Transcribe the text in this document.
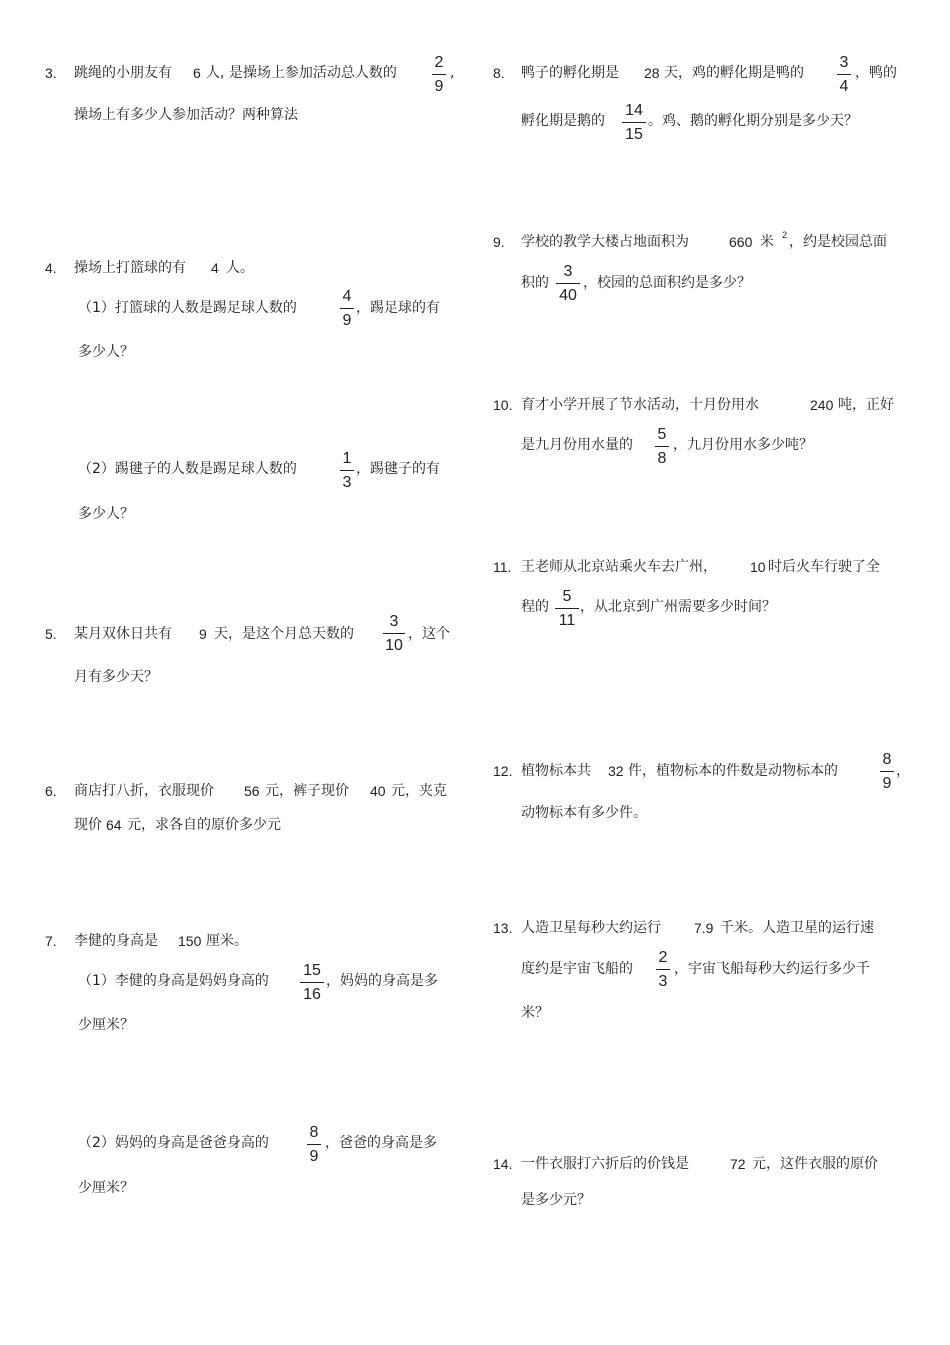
3. 跳绳的小朋友有 6 人, 是操场上参加活动总人数的
2
9
,
操场上有多少人参加活动？两种算法
4. 操场上打篮球的有 4 人。
（1）打篮球的人数是踢足球人数的
4
9
，踢足球的有
多少人？
（2）踢毽子的人数是踢足球人数的
1
3
，踢毽子的有
多少人？
5. 某月双休日共有 9 天，是这个月总天数的
3
10
，这个
月有多少天？
6. 商店打八折，衣服现价 56 元，裤子现价 40 元，夹克
现价 64 元，求各自的原价多少元
7. 李健的身高是 150 厘米。
（1）李健的身高是妈妈身高的
15
16
，妈妈的身高是多
少厘米？
（2）妈妈的身高是爸爸身高的
8
9
，爸爸的身高是多
少厘米？
8. 鸭子的孵化期是 28 天，鸡的孵化期是鸭的
3
4
，鸭的
孵化期是鹅的
14
15
。鸡、鹅的孵化期分别是多少天？
9. 学校的教学大楼占地面积为	660 米 2 ，约是校园总面
积的
3
40
，校园的总面积约是多少？
10. 育才小学开展了节水活动，十月份用水	240 吨，正好
是九月份用水量的
5
8
，九月份用水多少吨？
11. 王老师从北京站乘火车去广州， 10 时后火车行驶了全
程的
5
11
，从北京到广州需要多少时间？
12. 植物标本共 32 件，植物标本的件数是动物标本的
8
9
，
动物标本有多少件。
13. 人造卫星每秒大约运行 7.9 千米。人造卫星的运行速
度约是宇宙飞船的
2
3
，宇宙飞船每秒大约运行多少千
米？
14. 一件衣服打六折后的价钱是	72 元，这件衣服的原价
是多少元？
